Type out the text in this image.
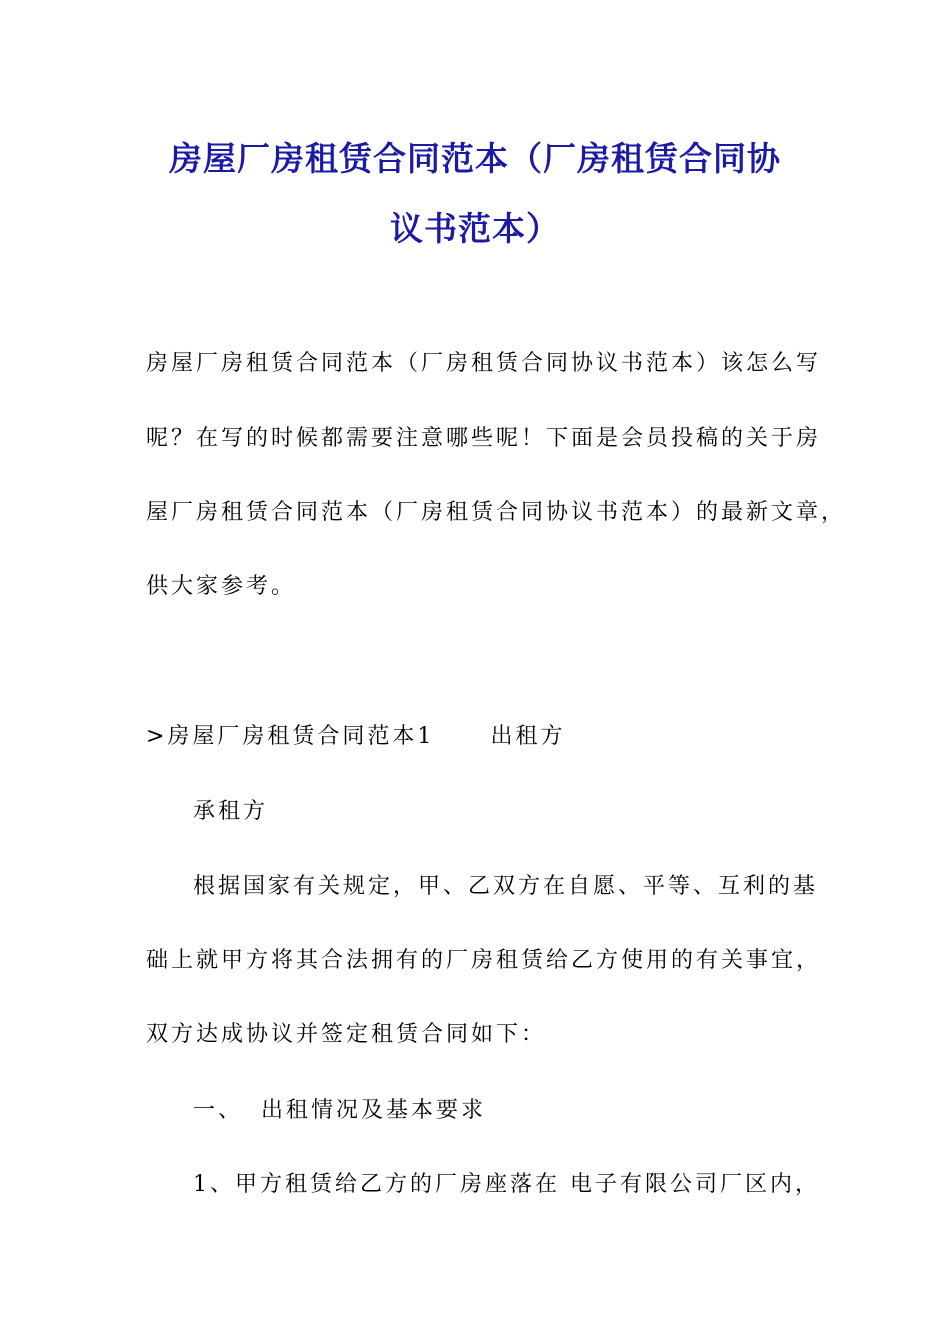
房屋厂房租赁合同范本（厂房租赁合同协
议书范本）
房屋厂房租赁合同范本（厂房租赁合同协议书范本）该怎么写
呢？在写的时候都需要注意哪些呢！下面是会员投稿的关于房
屋厂房租赁合同范本（厂房租赁合同协议书范本）的最新文章，
供大家参考。
>房屋厂房租赁合同范本1	出租方
承租方
根据国家有关规定，甲、乙双方在自愿、平等、互利的基
础上就甲方将其合法拥有的厂房租赁给乙方使用的有关事宜，
双方达成协议并签定租赁合同如下：
一、 出租情况及基本要求
1、甲方租赁给乙方的厂房座落在 电子有限公司厂区内，
